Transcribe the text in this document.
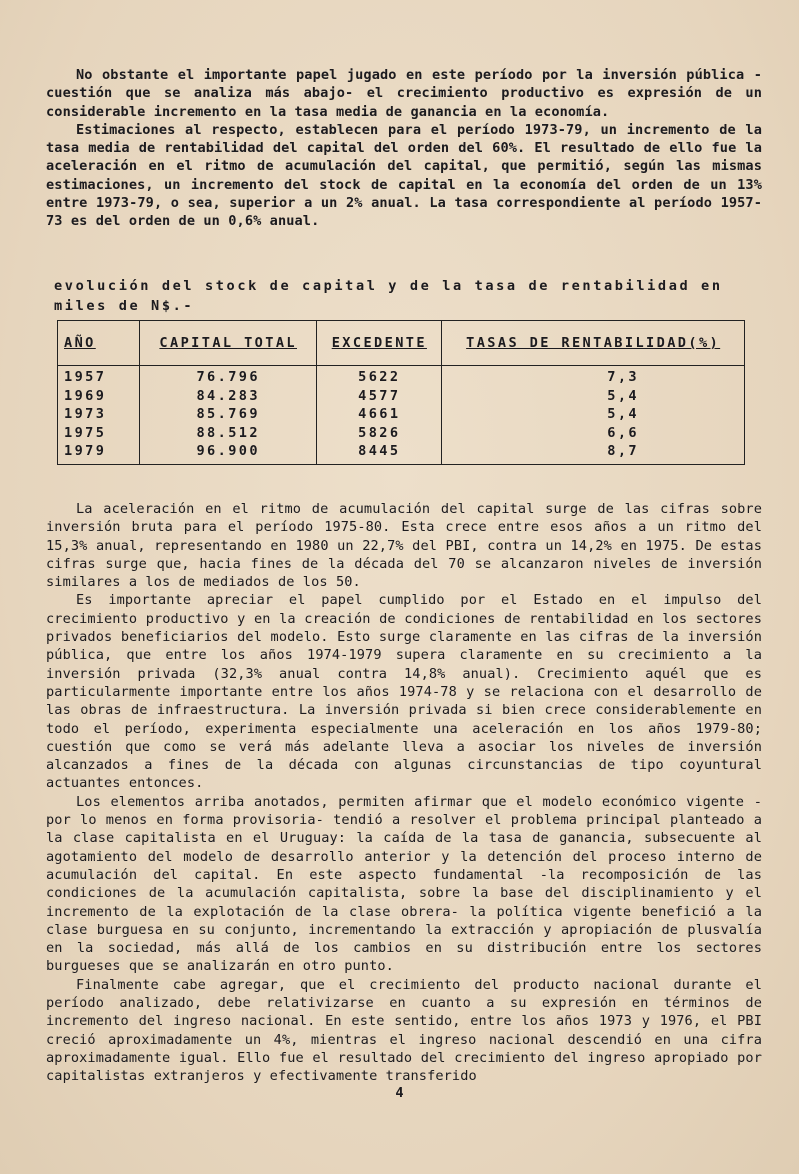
No obstante el importante papel jugado en este período por la inversión pública -cuestión que se analiza más abajo- el crecimiento productivo es expresión de un considerable incremento en la tasa media de ganancia en la economía.

Estimaciones al respecto, establecen para el período 1973-79, un incremento de la tasa media de rentabilidad del capital del orden del 60%. El resultado de ello fue la aceleración en el ritmo de acumulación del capital, que permitió, según las mismas estimaciones, un incremento del stock de capital en la economía del orden de un 13% entre 1973-79, o sea, superior a un 2% anual. La tasa correspondiente al período 1957-73 es del orden de un 0,6% anual.

evolución del stock de capital y de la tasa de rentabilidad en miles de N$.-
AÑO	CAPITAL TOTAL	EXCEDENTE	TASAS DE RENTABILIDAD(%)
1957	76.796	5622	7,3
1969	84.283	4577	5,4
1973	85.769	4661	5,4
1975	88.512	5826	6,6
1979	96.900	8445	8,7

La aceleración en el ritmo de acumulación del capital surge de las cifras sobre inversión bruta para el período 1975-80. Esta crece entre esos años a un ritmo del 15,3% anual, representando en 1980 un 22,7% del PBI, contra un 14,2% en 1975. De estas cifras surge que, hacia fines de la década del 70 se alcanzaron niveles de inversión similares a los de mediados de los 50.

Es importante apreciar el papel cumplido por el Estado en el impulso del crecimiento productivo y en la creación de condiciones de rentabilidad en los sectores privados beneficiarios del modelo. Esto surge claramente en las cifras de la inversión pública, que entre los años 1974-1979 supera claramente en su crecimiento a la inversión privada (32,3% anual contra 14,8% anual). Crecimiento aquél que es particularmente importante entre los años 1974-78 y se relaciona con el desarrollo de las obras de infraestructura. La inversión privada si bien crece considerablemente en todo el período, experimenta especialmente una aceleración en los años 1979-80; cuestión que como se verá más adelante lleva a asociar los niveles de inversión alcanzados a fines de la década con algunas circunstancias de tipo coyuntural actuantes entonces.

Los elementos arriba anotados, permiten afirmar que el modelo económico vigente -por lo menos en forma provisoria- tendió a resolver el problema principal planteado a la clase capitalista en el Uruguay: la caída de la tasa de ganancia, subsecuente al agotamiento del modelo de desarrollo anterior y la detención del proceso interno de acumulación del capital. En este aspecto fundamental -la recomposición de las condiciones de la acumulación capitalista, sobre la base del disciplinamiento y el incremento de la explotación de la clase obrera- la política vigente benefició a la clase burguesa en su conjunto, incrementando la extracción y apropiación de plusvalía en la sociedad, más allá de los cambios en su distribución entre los sectores burgueses que se analizarán en otro punto.

Finalmente cabe agregar, que el crecimiento del producto nacional durante el período analizado, debe relativizarse en cuanto a su expresión en términos de incremento del ingreso nacional. En este sentido, entre los años 1973 y 1976, el PBI creció aproximadamente un 4%, mientras el ingreso nacional descendió en una cifra aproximadamente igual. Ello fue el resultado del crecimiento del ingreso apropiado por capitalistas extranjeros y efectivamente transferido

4
